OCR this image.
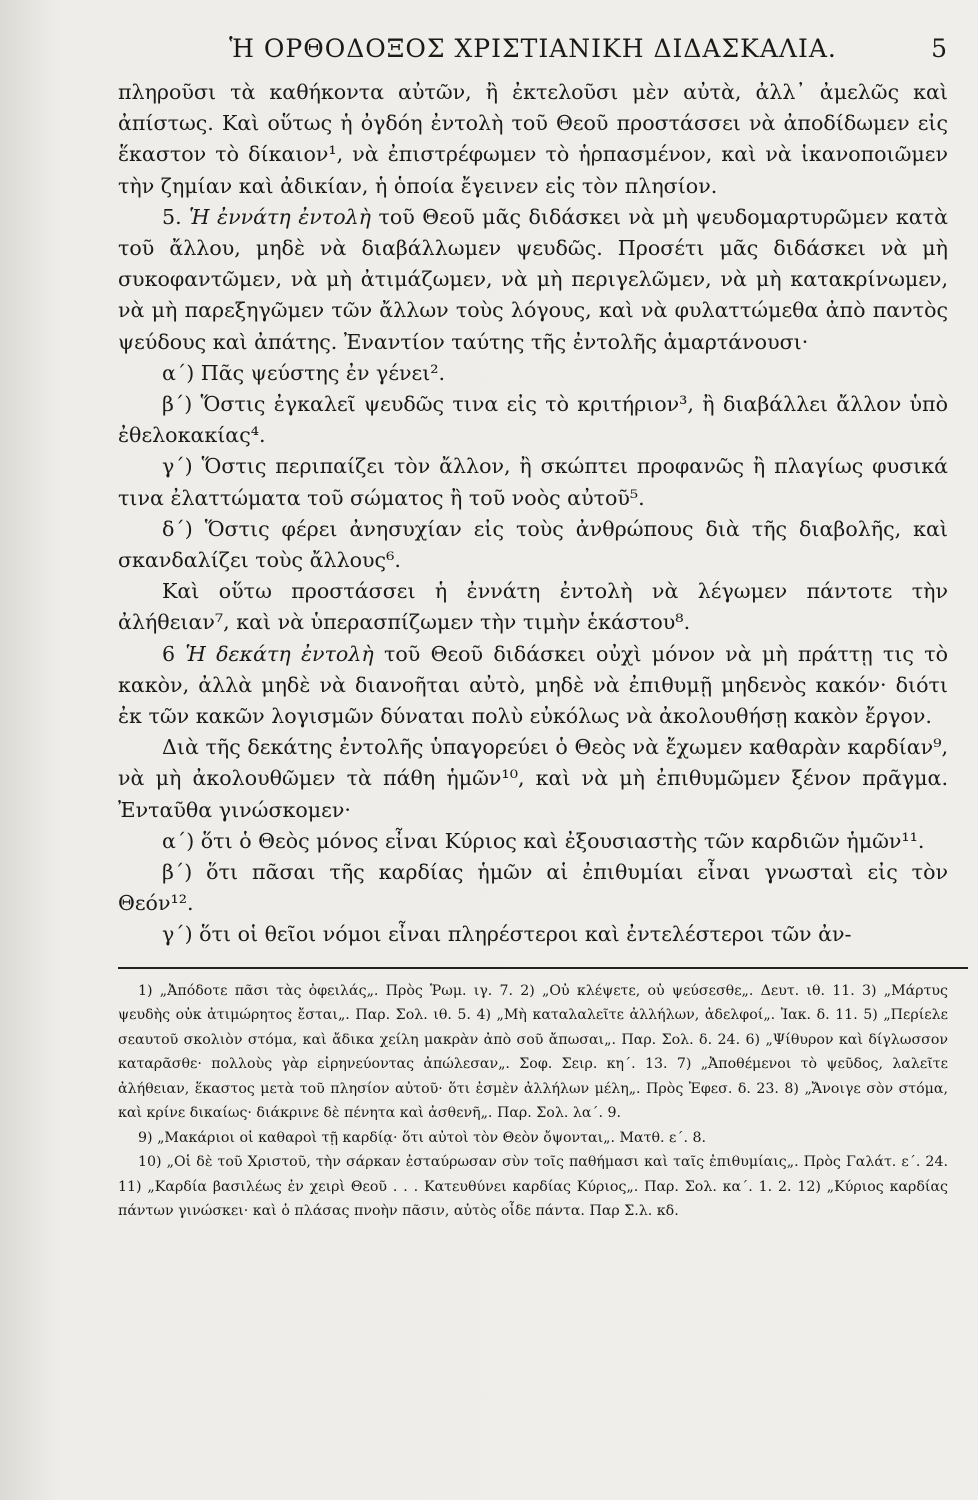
Ἡ ΟΡΘΟΔΟΞΟΣ ΧΡΙΣΤΙΑΝΙΚΗ ΔΙΔΑΣΚΑΛΙΑ.	5

πληροῦσι τὰ καθήκοντα αὐτῶν, ἢ ἐκτελοῦσι μὲν αὐτὰ, ἀλλ᾽ ἀμελῶς καὶ ἀπίστως. Καὶ οὕτως ἡ ὀγδόη ἐντολὴ τοῦ Θεοῦ προστάσσει νὰ ἀποδίδωμεν εἰς ἕκαστον τὸ δίκαιον¹, νὰ ἐπιστρέφωμεν τὸ ἡρπασμένον, καὶ νὰ ἱκανοποιῶμεν τὴν ζημίαν καὶ ἀδικίαν, ἡ ὁποία ἔγεινεν εἰς τὸν πλησίον.

5. Ἡ ἐννάτη ἐντολὴ τοῦ Θεοῦ μᾶς διδάσκει νὰ μὴ ψευδομαρτυρῶμεν κατὰ τοῦ ἄλλου, μηδὲ νὰ διαβάλλωμεν ψευδῶς. Προσέτι μᾶς διδάσκει νὰ μὴ συκοφαντῶμεν, νὰ μὴ ἀτιμάζωμεν, νὰ μὴ περιγελῶμεν, νὰ μὴ κατακρίνωμεν, νὰ μὴ παρεξηγῶμεν τῶν ἄλλων τοὺς λόγους, καὶ νὰ φυλαττώμεθα ἀπὸ παντὸς ψεύδους καὶ ἀπάτης. Ἐναντίον ταύτης τῆς ἐντολῆς ἁμαρτάνουσι·

α΄) Πᾶς ψεύστης ἐν γένει².

β΄) Ὅστις ἐγκαλεῖ ψευδῶς τινα εἰς τὸ κριτήριον³, ἢ διαβάλλει ἄλλον ὑπὸ ἐθελοκακίας⁴.

γ΄) Ὅστις περιπαίζει τὸν ἄλλον, ἢ σκώπτει προφανῶς ἢ πλαγίως φυσικά τινα ἐλαττώματα τοῦ σώματος ἢ τοῦ νοὸς αὐτοῦ⁵.

δ΄) Ὅστις φέρει ἀνησυχίαν εἰς τοὺς ἀνθρώπους διὰ τῆς διαβολῆς, καὶ σκανδαλίζει τοὺς ἄλλους⁶.

Καὶ οὕτω προστάσσει ἡ ἐννάτη ἐντολὴ νὰ λέγωμεν πάντοτε τὴν ἀλήθειαν⁷, καὶ νὰ ὑπερασπίζωμεν τὴν τιμὴν ἑκάστου⁸.

6 Ἡ δεκάτη ἐντολὴ τοῦ Θεοῦ διδάσκει οὐχὶ μόνον νὰ μὴ πράττῃ τις τὸ κακὸν, ἀλλὰ μηδὲ νὰ διανοῆται αὐτὸ, μηδὲ νὰ ἐπιθυμῇ μηδενὸς κακόν· διότι ἐκ τῶν κακῶν λογισμῶν δύναται πολὺ εὐκόλως νὰ ἀκολουθήσῃ κακὸν ἔργον.

Διὰ τῆς δεκάτης ἐντολῆς ὑπαγορεύει ὁ Θεὸς νὰ ἔχωμεν καθαρὰν καρδίαν⁹, νὰ μὴ ἀκολουθῶμεν τὰ πάθη ἡμῶν¹⁰, καὶ νὰ μὴ ἐπιθυμῶμεν ξένον πρᾶγμα. Ἐνταῦθα γινώσκομεν·

α΄) ὅτι ὁ Θεὸς μόνος εἶναι Κύριος καὶ ἐξουσιαστὴς τῶν καρδιῶν ἡμῶν¹¹.

β΄) ὅτι πᾶσαι τῆς καρδίας ἡμῶν αἱ ἐπιθυμίαι εἶναι γνωσταὶ εἰς τὸν Θεόν¹².

γ΄) ὅτι οἱ θεῖοι νόμοι εἶναι πληρέστεροι καὶ ἐντελέστεροι τῶν ἀν-

1) „Ἀπόδοτε πᾶσι τὰς ὀφειλάς„. Πρὸς Ῥωμ. ιγ. 7. 2) „Οὐ κλέψετε, οὐ ψεύσεσθε„. Δευτ. ιθ. 11. 3) „Μάρτυς ψευδὴς οὐκ ἀτιμώρητος ἔσται„. Παρ. Σολ. ιθ. 5. 4) „Μὴ καταλαλεῖτε ἀλλήλων, ἀδελφοί„. Ἰακ. δ. 11. 5) „Περίελε σεαυτοῦ σκολιὸν στόμα, καὶ ἄδικα χείλη μακρὰν ἀπὸ σοῦ ἄπωσαι„. Παρ. Σολ. δ. 24. 6) „Ψίθυρον καὶ δίγλωσσον καταρᾶσθε· πολλοὺς γὰρ εἰρηνεύοντας ἀπώλεσαν„. Σοφ. Σειρ. κη΄. 13. 7) „Ἀποθέμενοι τὸ ψεῦδος, λαλεῖτε ἀλήθειαν, ἕκαστος μετὰ τοῦ πλησίον αὐτοῦ· ὅτι ἐσμὲν ἀλλήλων μέλη„. Πρὸς Ἐφεσ. δ. 23. 8) „Ἄνοιγε σὸν στόμα, καὶ κρίνε δικαίως· διάκρινε δὲ πένητα καὶ ἀσθενῆ„. Παρ. Σολ. λα΄. 9.

9) „Μακάριοι οἱ καθαροὶ τῇ καρδίᾳ· ὅτι αὐτοὶ τὸν Θεὸν ὄψονται„. Ματθ. ε΄. 8.

10) „Οἱ δὲ τοῦ Χριστοῦ, τὴν σάρκαν ἐσταύρωσαν σὺν τοῖς παθήμασι καὶ ταῖς ἐπιθυμίαις„. Πρὸς Γαλάτ. ε΄. 24. 11) „Καρδία βασιλέως ἐν χειρὶ Θεοῦ . . . Κατευθύνει καρδίας Κύριος„. Παρ. Σολ. κα΄. 1. 2. 12) „Κύριος καρδίας πάντων γινώσκει· καὶ ὁ πλάσας πνοὴν πᾶσιν, αὐτὸς οἶδε πάντα. Παρ Σ.λ. κδ.
